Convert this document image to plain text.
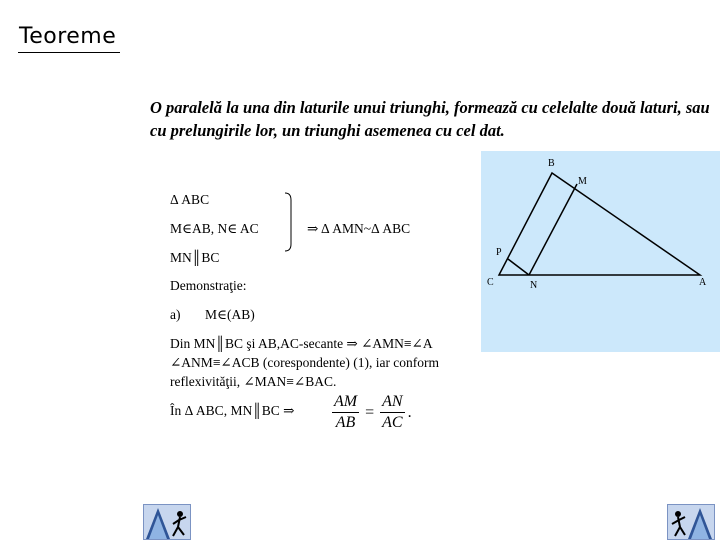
Teoreme
O paralelă la una din laturile unui triunghi, formează cu celelalte două laturi, sau cu prelungirile lor, un triunghi asemenea cu cel dat.
B
M
P
C	N	A
Δ ABC
M∈AB, N∈ AC
MN║BC
⇒ Δ AMN~Δ ABC
Demonstraţie:
a) M∈(AB)
Din MN║BC şi AB,AC-secante ⇒ ∠AMN≡∠A
∠ANM≡∠ACB (corespondente) (1), iar conform
reflexivităţii, ∠MAN≡∠BAC.
În Δ ABC, MN║BC ⇒ $\frac{AM}{AB} = \frac{AN}{AC}$ .
